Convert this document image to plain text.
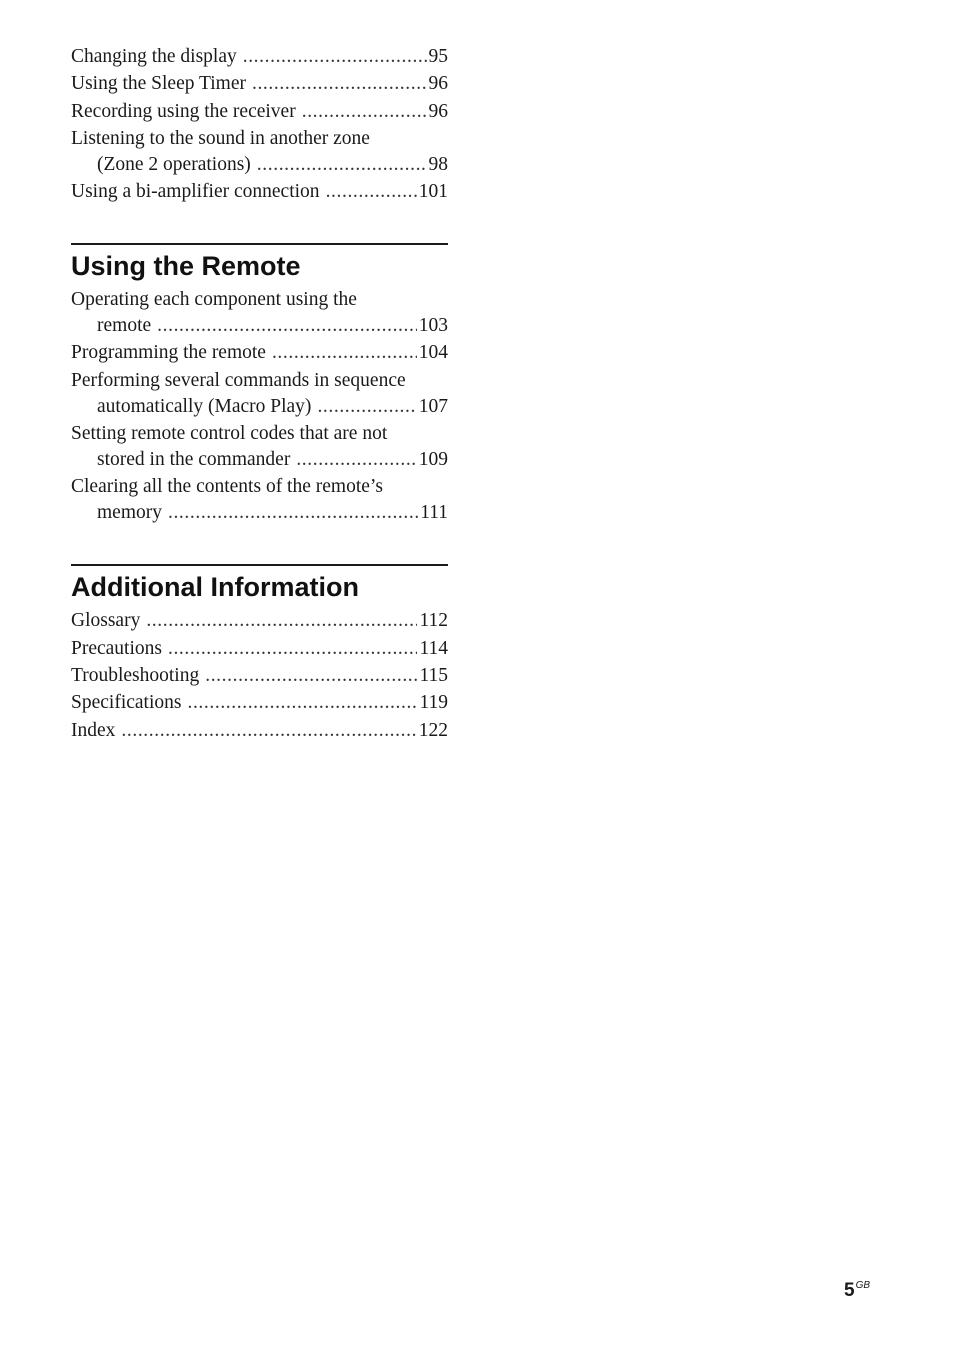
Changing the display .....	95
Using the Sleep Timer .....	96
Recording using the receiver .....	96
Listening to the sound in another zone
(Zone 2 operations) .....	98
Using a bi-amplifier connection .....	101
Using the Remote
Operating each component using the
remote .....	103
Programming the remote .....	104
Performing several commands in sequence
automatically (Macro Play) .....	107
Setting remote control codes that are not
stored in the commander .....	109
Clearing all the contents of the remote’s
memory .....	111
Additional Information
Glossary .....	112
Precautions .....	114
Troubleshooting .....	115
Specifications .....	119
Index .....	122
$5^{GB}$
